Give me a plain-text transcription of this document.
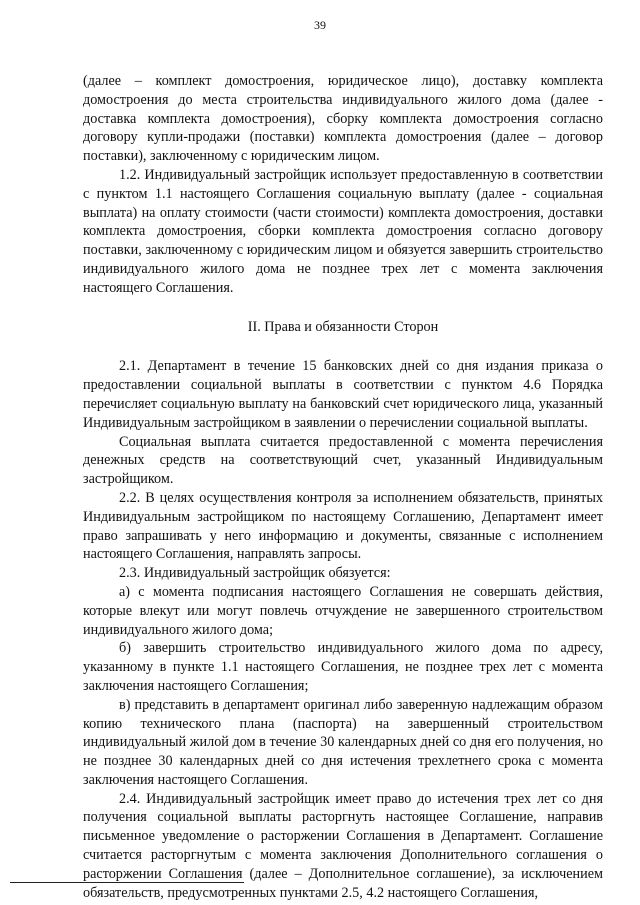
39

(далее – комплект домостроения, юридическое лицо), доставку комплекта домостроения до места строительства индивидуального жилого дома (далее - доставка комплекта домостроения), сборку комплекта домостроения согласно договору купли-продажи (поставки) комплекта домостроения (далее – договор поставки), заключенному с юридическим лицом.

1.2. Индивидуальный застройщик использует предоставленную в соответствии с пунктом 1.1 настоящего Соглашения социальную выплату (далее - социальная выплата) на оплату стоимости (части стоимости) комплекта домостроения, доставки комплекта домостроения, сборки комплекта домостроения согласно договору поставки, заключенному с юридическим лицом и обязуется завершить строительство индивидуального жилого дома не позднее трех лет с момента заключения настоящего Соглашения.

II. Права и обязанности Сторон

2.1. Департамент в течение 15 банковских дней со дня издания приказа о предоставлении социальной выплаты в соответствии с пунктом 4.6 Порядка перечисляет социальную выплату на банковский счет юридического лица, указанный Индивидуальным застройщиком в заявлении о перечислении социальной выплаты.

Социальная выплата считается предоставленной с момента перечисления денежных средств на соответствующий счет, указанный Индивидуальным застройщиком.

2.2. В целях осуществления контроля за исполнением обязательств, принятых Индивидуальным застройщиком по настоящему Соглашению, Департамент имеет право запрашивать у него информацию и документы, связанные с исполнением настоящего Соглашения, направлять запросы.

2.3. Индивидуальный застройщик обязуется:

а) с момента подписания настоящего Соглашения не совершать действия, которые влекут или могут повлечь отчуждение не завершенного строительством индивидуального жилого дома;

б) завершить строительство индивидуального жилого дома по адресу, указанному в пункте 1.1 настоящего Соглашения, не позднее трех лет с момента заключения настоящего Соглашения;

в) представить в департамент оригинал либо заверенную надлежащим образом копию технического плана (паспорта) на завершенный строительством индивидуальный жилой дом в течение 30 календарных дней со дня его получения, но не позднее 30 календарных дней со дня истечения трехлетнего срока с момента заключения настоящего Соглашения.

2.4. Индивидуальный застройщик имеет право до истечения трех лет со дня получения социальной выплаты расторгнуть настоящее Соглашение, направив письменное уведомление о расторжении Соглашения в Департамент. Соглашение считается расторгнутым с момента заключения Дополнительного соглашения о расторжении Соглашения (далее – Дополнительное соглашение), за исключением обязательств, предусмотренных пунктами 2.5, 4.2 настоящего Соглашения,
